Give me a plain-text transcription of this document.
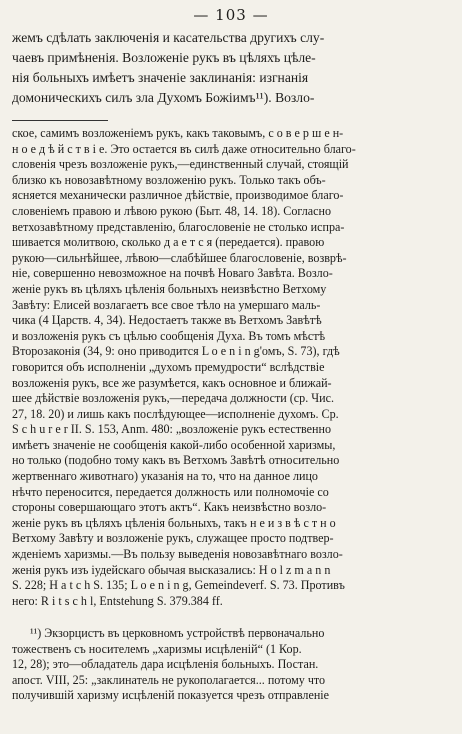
— 103 —
жемъ сдѣлать заключенія и касательства другихъ слу-
чаевъ примѣненія. Возложеніе рукъ въ цѣляхъ цѣле-
нія больныхъ имѣетъ значеніе заклинанія: изгнанія
домоническихъ силъ зла Духомъ Божіимъ¹¹). Возло-
ское, самимъ возложеніемъ рукъ, какъ таковымъ, с о в е р ш е н-
н о е д ѣ й с т в і е. Это остается въ силѣ даже относительно благо-
словенія чрезъ возложеніе рукъ,—единственный случай, стоящій
близко къ новозавѣтному возложенію рукъ. Только такъ объ-
ясняется механически различное дѣйствіе, производимое благо-
словеніемъ правою и лѣвою рукою (Быт. 48, 14. 18). Согласно
ветхозавѣтному представленію, благословеніе не столько испра-
шивается молитвою, сколько д а е т с я (передается). правою
рукою—сильнѣйшее, лѣвою—слабѣйшее благословеніе, возврѣ-
ніе, совершенно невозможное на почвѣ Новаго Завѣта. Возло-
женіе рукъ въ цѣляхъ цѣленія больныхъ неизвѣстно Ветхому
Завѣту: Елисей возлагаетъ все свое тѣло на умершаго маль-
чика (4 Царств. 4, 34). Недостаетъ также въ Ветхомъ Завѣтѣ
и возложенія рукъ съ цѣлью сообщенія Духа. Въ томъ мѣстѣ
Второзаконія (34, 9: оно приводится L o e n i n g'омъ, S. 73), гдѣ
говорится объ исполненіи „духомъ премудрости“ вслѣдствіе
возложенія рукъ, все же разумѣется, какъ основное и ближай-
шее дѣйствіе возложенія рукъ,—передача должности (ср. Чис.
27, 18. 20) и лишь какъ послѣдующее—исполненіе духомъ. Ср.
S c h u r e r II. S. 153, Anm. 480: „возложеніе рукъ естественно
имѣетъ значеніе не сообщенія какой-либо особенной харизмы,
но только (подобно тому какъ въ Ветхомъ Завѣтѣ относительно
жертвеннаго животнаго) указанія на то, что на данное лицо
нѣчто переносится, передается должность или полномочіе со
стороны совершающаго этотъ актъ“. Какъ неизвѣстно возло-
женіе рукъ въ цѣляхъ цѣленія больныхъ, такъ н е и з в ѣ с т н о
Ветхому Завѣту и возложеніе рукъ, служащее просто подтвер-
жденіемъ харизмы.—Въ пользу выведенія новозавѣтнаго возло-
женія рукъ изъ іудейскаго обычая высказались: H o l z m a n n
S. 228; H a t c h S. 135; L o e n i n g, Gemeindeverf. S. 73. Противъ
него: R i t s c h l, Entstehung S. 379.384 ff.
¹¹) Экзорцистъ въ церковномъ устройствѣ первоначально
тожественъ съ носителемъ „харизмы исцѣленій“ (1 Кор.
12, 28); это—обладатель дара исцѣленія больныхъ. Постан.
апост. VIII, 25: „заклинатель не рукополагается... потому что
получившій харизму исцѣленій показуется чрезъ отправленіе
